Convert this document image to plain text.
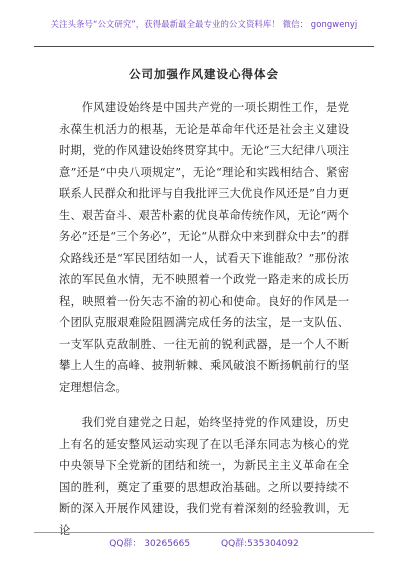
关注头条号“公文研究”，获得最新最全最专业的公文资料库！ 微信： gongwenyj
公司加强作风建设心得体会

作风建设始终是中国共产党的一项长期性工作，是党永葆生机活力的根基，无论是革命年代还是社会主义建设时期，党的作风建设始终贯穿其中。无论“三大纪律八项注意”还是“中央八项规定”，无论“理论和实践相结合、紧密联系人民群众和批评与自我批评三大优良作风还是”自力更生、艰苦奋斗、艰苦朴素的优良革命传统作风，无论“两个务必”还是“三个务必”，无论“从群众中来到群众中去”的群众路线还是“军民团结如一人，试看天下谁能敌？”那份浓浓的军民鱼水情，无不映照着一个政党一路走来的成长历程，映照着一份矢志不渝的初心和使命。良好的作风是一个团队克服艰难险阻圆满完成任务的法宝，是一支队伍、一支军队克敌制胜、一往无前的锐利武器，是一个人不断攀上人生的高峰、披荆斩棘、乘风破浪不断扬帆前行的坚定理想信念。

我们党自建党之日起，始终坚持党的作风建设，历史上有名的延安整风运动实现了在以毛泽东同志为核心的党中央领导下全党新的团结和统一，为新民主主义革命在全国的胜利，奠定了重要的思想政治基础。之所以要持续不断的深入开展作风建设，我们党有着深刻的经验教训，无论

QQ群： 30265665	QQ群:535304092
